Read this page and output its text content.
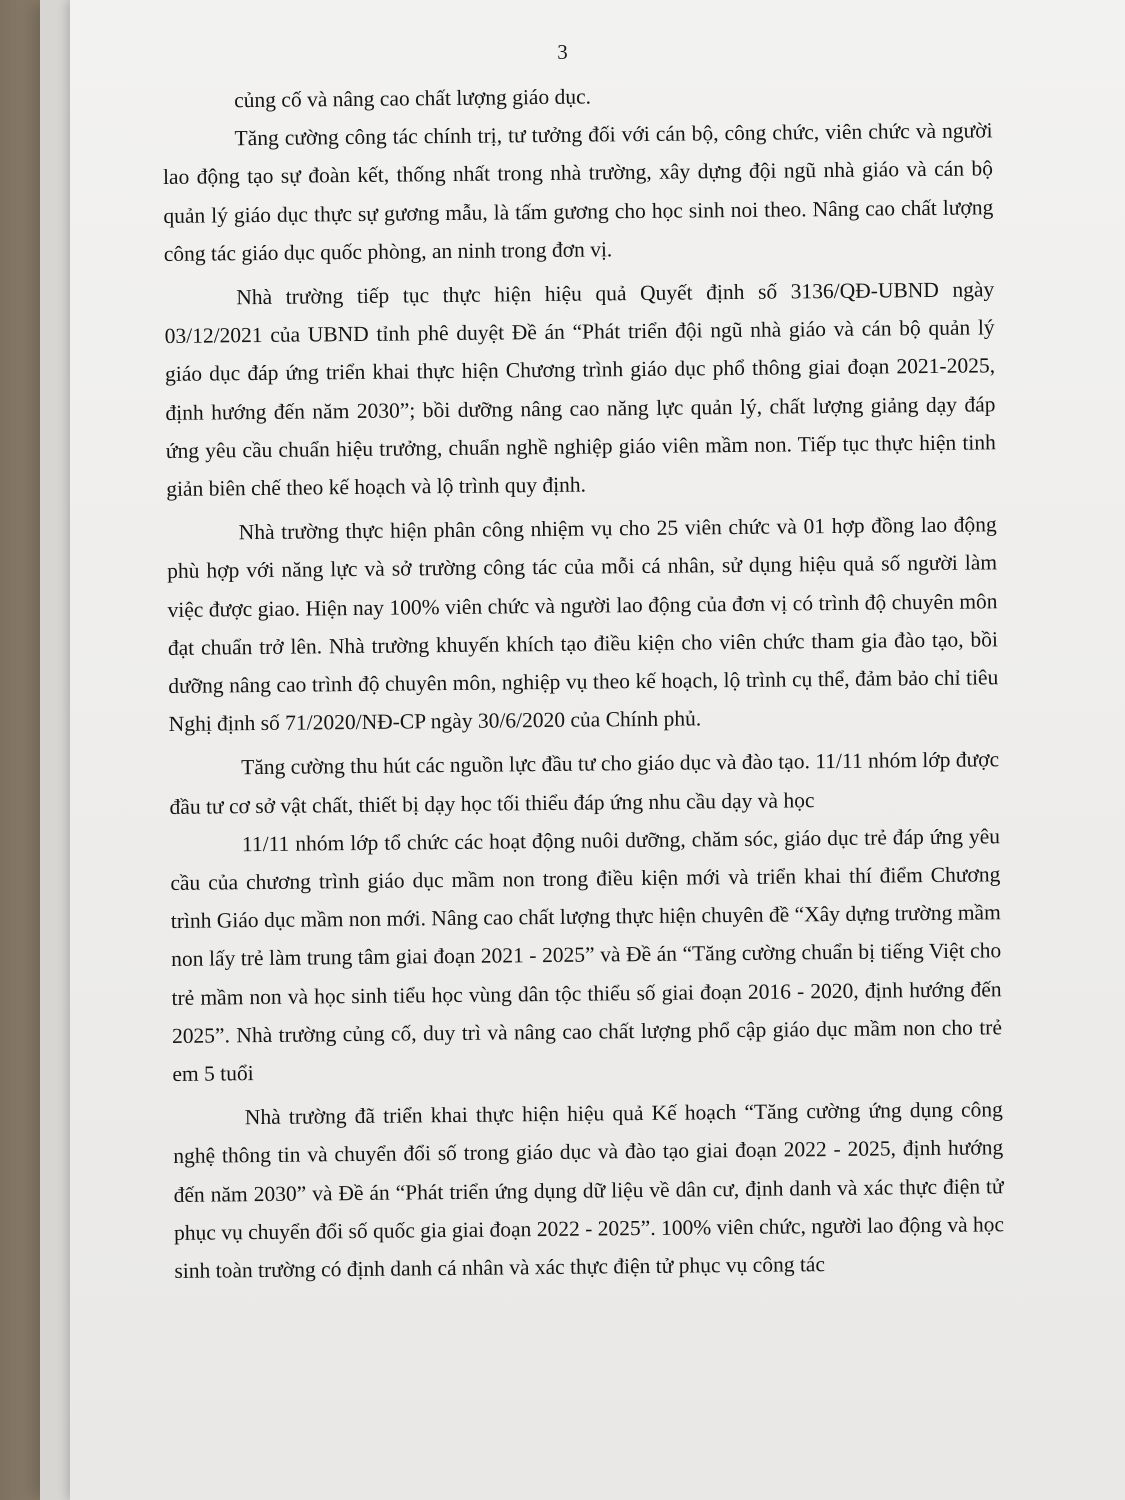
3

củng cố và nâng cao chất lượng giáo dục.

Tăng cường công tác chính trị, tư tưởng đối với cán bộ, công chức, viên chức và người lao động tạo sự đoàn kết, thống nhất trong nhà trường, xây dựng đội ngũ nhà giáo và cán bộ quản lý giáo dục thực sự gương mẫu, là tấm gương cho học sinh noi theo. Nâng cao chất lượng công tác giáo dục quốc phòng, an ninh trong đơn vị.

Nhà trường tiếp tục thực hiện hiệu quả Quyết định số 3136/QĐ-UBND ngày 03/12/2021 của UBND tỉnh phê duyệt Đề án “Phát triển đội ngũ nhà giáo và cán bộ quản lý giáo dục đáp ứng triển khai thực hiện Chương trình giáo dục phổ thông giai đoạn 2021-2025, định hướng đến năm 2030”; bồi dưỡng nâng cao năng lực quản lý, chất lượng giảng dạy đáp ứng yêu cầu chuẩn hiệu trưởng, chuẩn nghề nghiệp giáo viên mầm non. Tiếp tục thực hiện tinh giản biên chế theo kế hoạch và lộ trình quy định.

Nhà trường thực hiện phân công nhiệm vụ cho 25 viên chức và 01 hợp đồng lao động phù hợp với năng lực và sở trường công tác của mỗi cá nhân, sử dụng hiệu quả số người làm việc được giao. Hiện nay 100% viên chức và người lao động của đơn vị có trình độ chuyên môn đạt chuẩn trở lên. Nhà trường khuyến khích tạo điều kiện cho viên chức tham gia đào tạo, bồi dưỡng nâng cao trình độ chuyên môn, nghiệp vụ theo kế hoạch, lộ trình cụ thể, đảm bảo chỉ tiêu Nghị định số 71/2020/NĐ-CP ngày 30/6/2020 của Chính phủ.

Tăng cường thu hút các nguồn lực đầu tư cho giáo dục và đào tạo. 11/11 nhóm lớp được đầu tư cơ sở vật chất, thiết bị dạy học tối thiểu đáp ứng nhu cầu dạy và học

11/11 nhóm lớp tổ chức các hoạt động nuôi dưỡng, chăm sóc, giáo dục trẻ đáp ứng yêu cầu của chương trình giáo dục mầm non trong điều kiện mới và triển khai thí điểm Chương trình Giáo dục mầm non mới. Nâng cao chất lượng thực hiện chuyên đề “Xây dựng trường mầm non lấy trẻ làm trung tâm giai đoạn 2021 - 2025” và Đề án “Tăng cường chuẩn bị tiếng Việt cho trẻ mầm non và học sinh tiểu học vùng dân tộc thiểu số giai đoạn 2016 - 2020, định hướng đến 2025”. Nhà trường củng cố, duy trì và nâng cao chất lượng phổ cập giáo dục mầm non cho trẻ em 5 tuổi

Nhà trường đã triển khai thực hiện hiệu quả Kế hoạch “Tăng cường ứng dụng công nghệ thông tin và chuyển đổi số trong giáo dục và đào tạo giai đoạn 2022 - 2025, định hướng đến năm 2030” và Đề án “Phát triển ứng dụng dữ liệu về dân cư, định danh và xác thực điện tử phục vụ chuyển đổi số quốc gia giai đoạn 2022 - 2025”. 100% viên chức, người lao động và học sinh toàn trường có định danh cá nhân và xác thực điện tử phục vụ công tác
